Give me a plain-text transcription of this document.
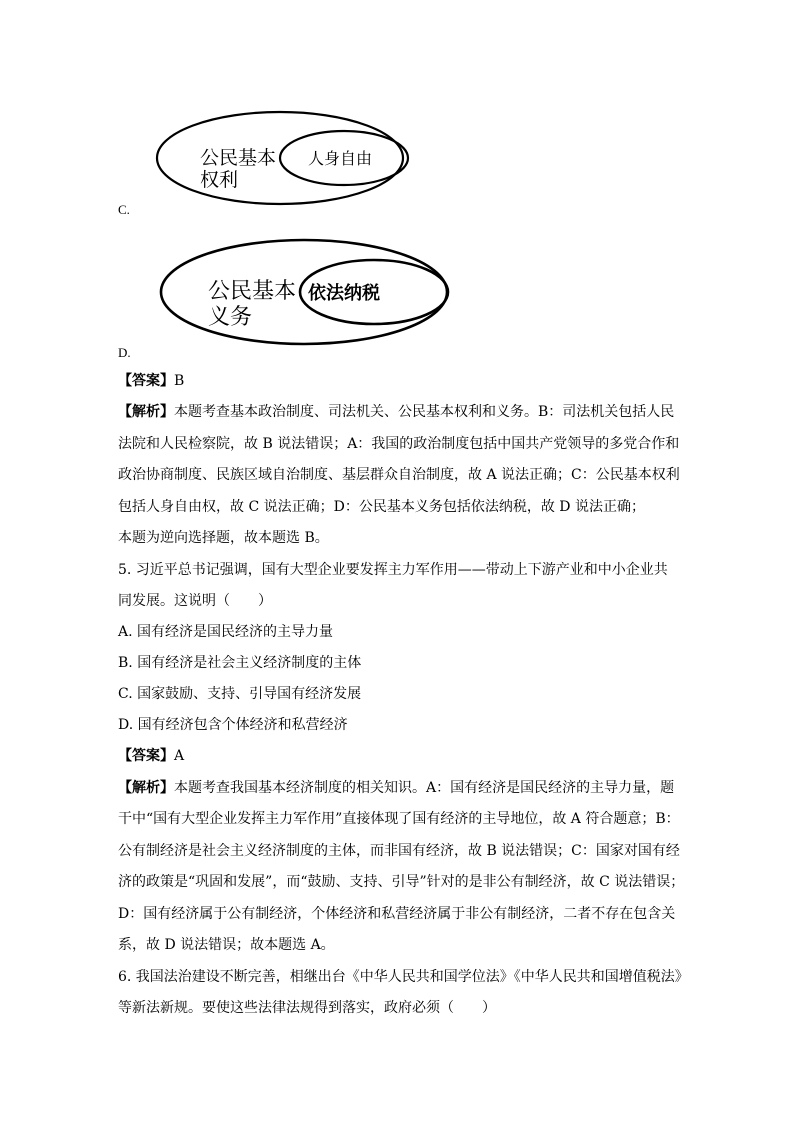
公民基本
权利
人身自由
C.
公民基本
义务
依法纳税
D.
【答案】B
【解析】本题考查基本政治制度、司法机关、公民基本权利和义务。B：司法机关包括人民
法院和人民检察院，故 B 说法错误；A：我国的政治制度包括中国共产党领导的多党合作和
政治协商制度、民族区域自治制度、基层群众自治制度，故 A 说法正确；C：公民基本权利
包括人身自由权，故 C 说法正确；D：公民基本义务包括依法纳税，故 D 说法正确；
本题为逆向选择题，故本题选 B。
5. 习近平总书记强调，国有大型企业要发挥主力军作用——带动上下游产业和中小企业共
同发展。这说明（　　）
A. 国有经济是国民经济的主导力量
B. 国有经济是社会主义经济制度的主体
C. 国家鼓励、支持、引导国有经济发展
D. 国有经济包含个体经济和私营经济
【答案】A
【解析】本题考查我国基本经济制度的相关知识。A：国有经济是国民经济的主导力量，题
干中“国有大型企业发挥主力军作用”直接体现了国有经济的主导地位，故 A 符合题意；B：
公有制经济是社会主义经济制度的主体，而非国有经济，故 B 说法错误；C：国家对国有经
济的政策是“巩固和发展”，而“鼓励、支持、引导”针对的是非公有制经济，故 C 说法错误；
D：国有经济属于公有制经济，个体经济和私营经济属于非公有制经济，二者不存在包含关
系，故 D 说法错误；故本题选 A。
6. 我国法治建设不断完善，相继出台《中华人民共和国学位法》《中华人民共和国增值税法》
等新法新规。要使这些法律法规得到落实，政府必须（　　）
